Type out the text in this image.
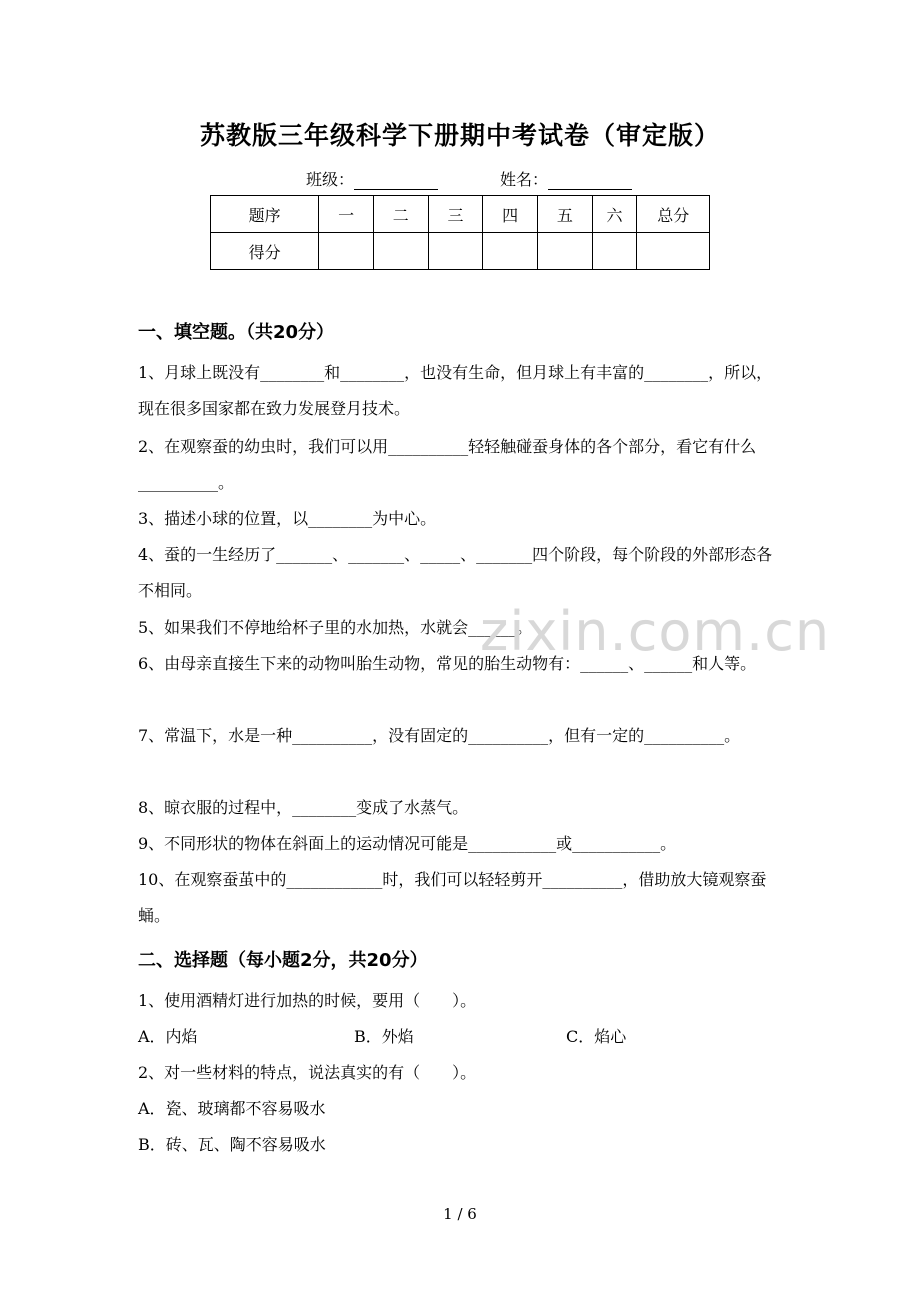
苏教版三年级科学下册期中考试卷（审定版）
班级：	姓名：
题序	一	二	三	四	五	六	总分
得分							
一、填空题。（共20分）
1、月球上既没有________和________，也没有生命，但月球上有丰富的________，所以，现在很多国家都在致力发展登月技术。
2、在观察蚕的幼虫时，我们可以用__________轻轻触碰蚕身体的各个部分，看它有什么__________。
3、描述小球的位置，以________为中心。
4、蚕的一生经历了_______、_______、_____、_______四个阶段，每个阶段的外部形态各不相同。
5、如果我们不停地给杯子里的水加热，水就会______。
6、由母亲直接生下来的动物叫胎生动物，常见的胎生动物有：______、______和人等。
7、常温下，水是一种__________，没有固定的__________，但有一定的__________。
8、晾衣服的过程中，________变成了水蒸气。
9、不同形状的物体在斜面上的运动情况可能是___________或___________。
10、在观察蚕茧中的____________时，我们可以轻轻剪开__________，借助放大镜观察蚕蛹。
二、选择题（每小题2分，共20分）
1、使用酒精灯进行加热的时候，要用（　　）。
A．内焰	B．外焰	C．焰心
2、对一些材料的特点，说法真实的有（　　）。
A．瓷、玻璃都不容易吸水
B．砖、瓦、陶不容易吸水
zixin.com.cn
1 / 6
